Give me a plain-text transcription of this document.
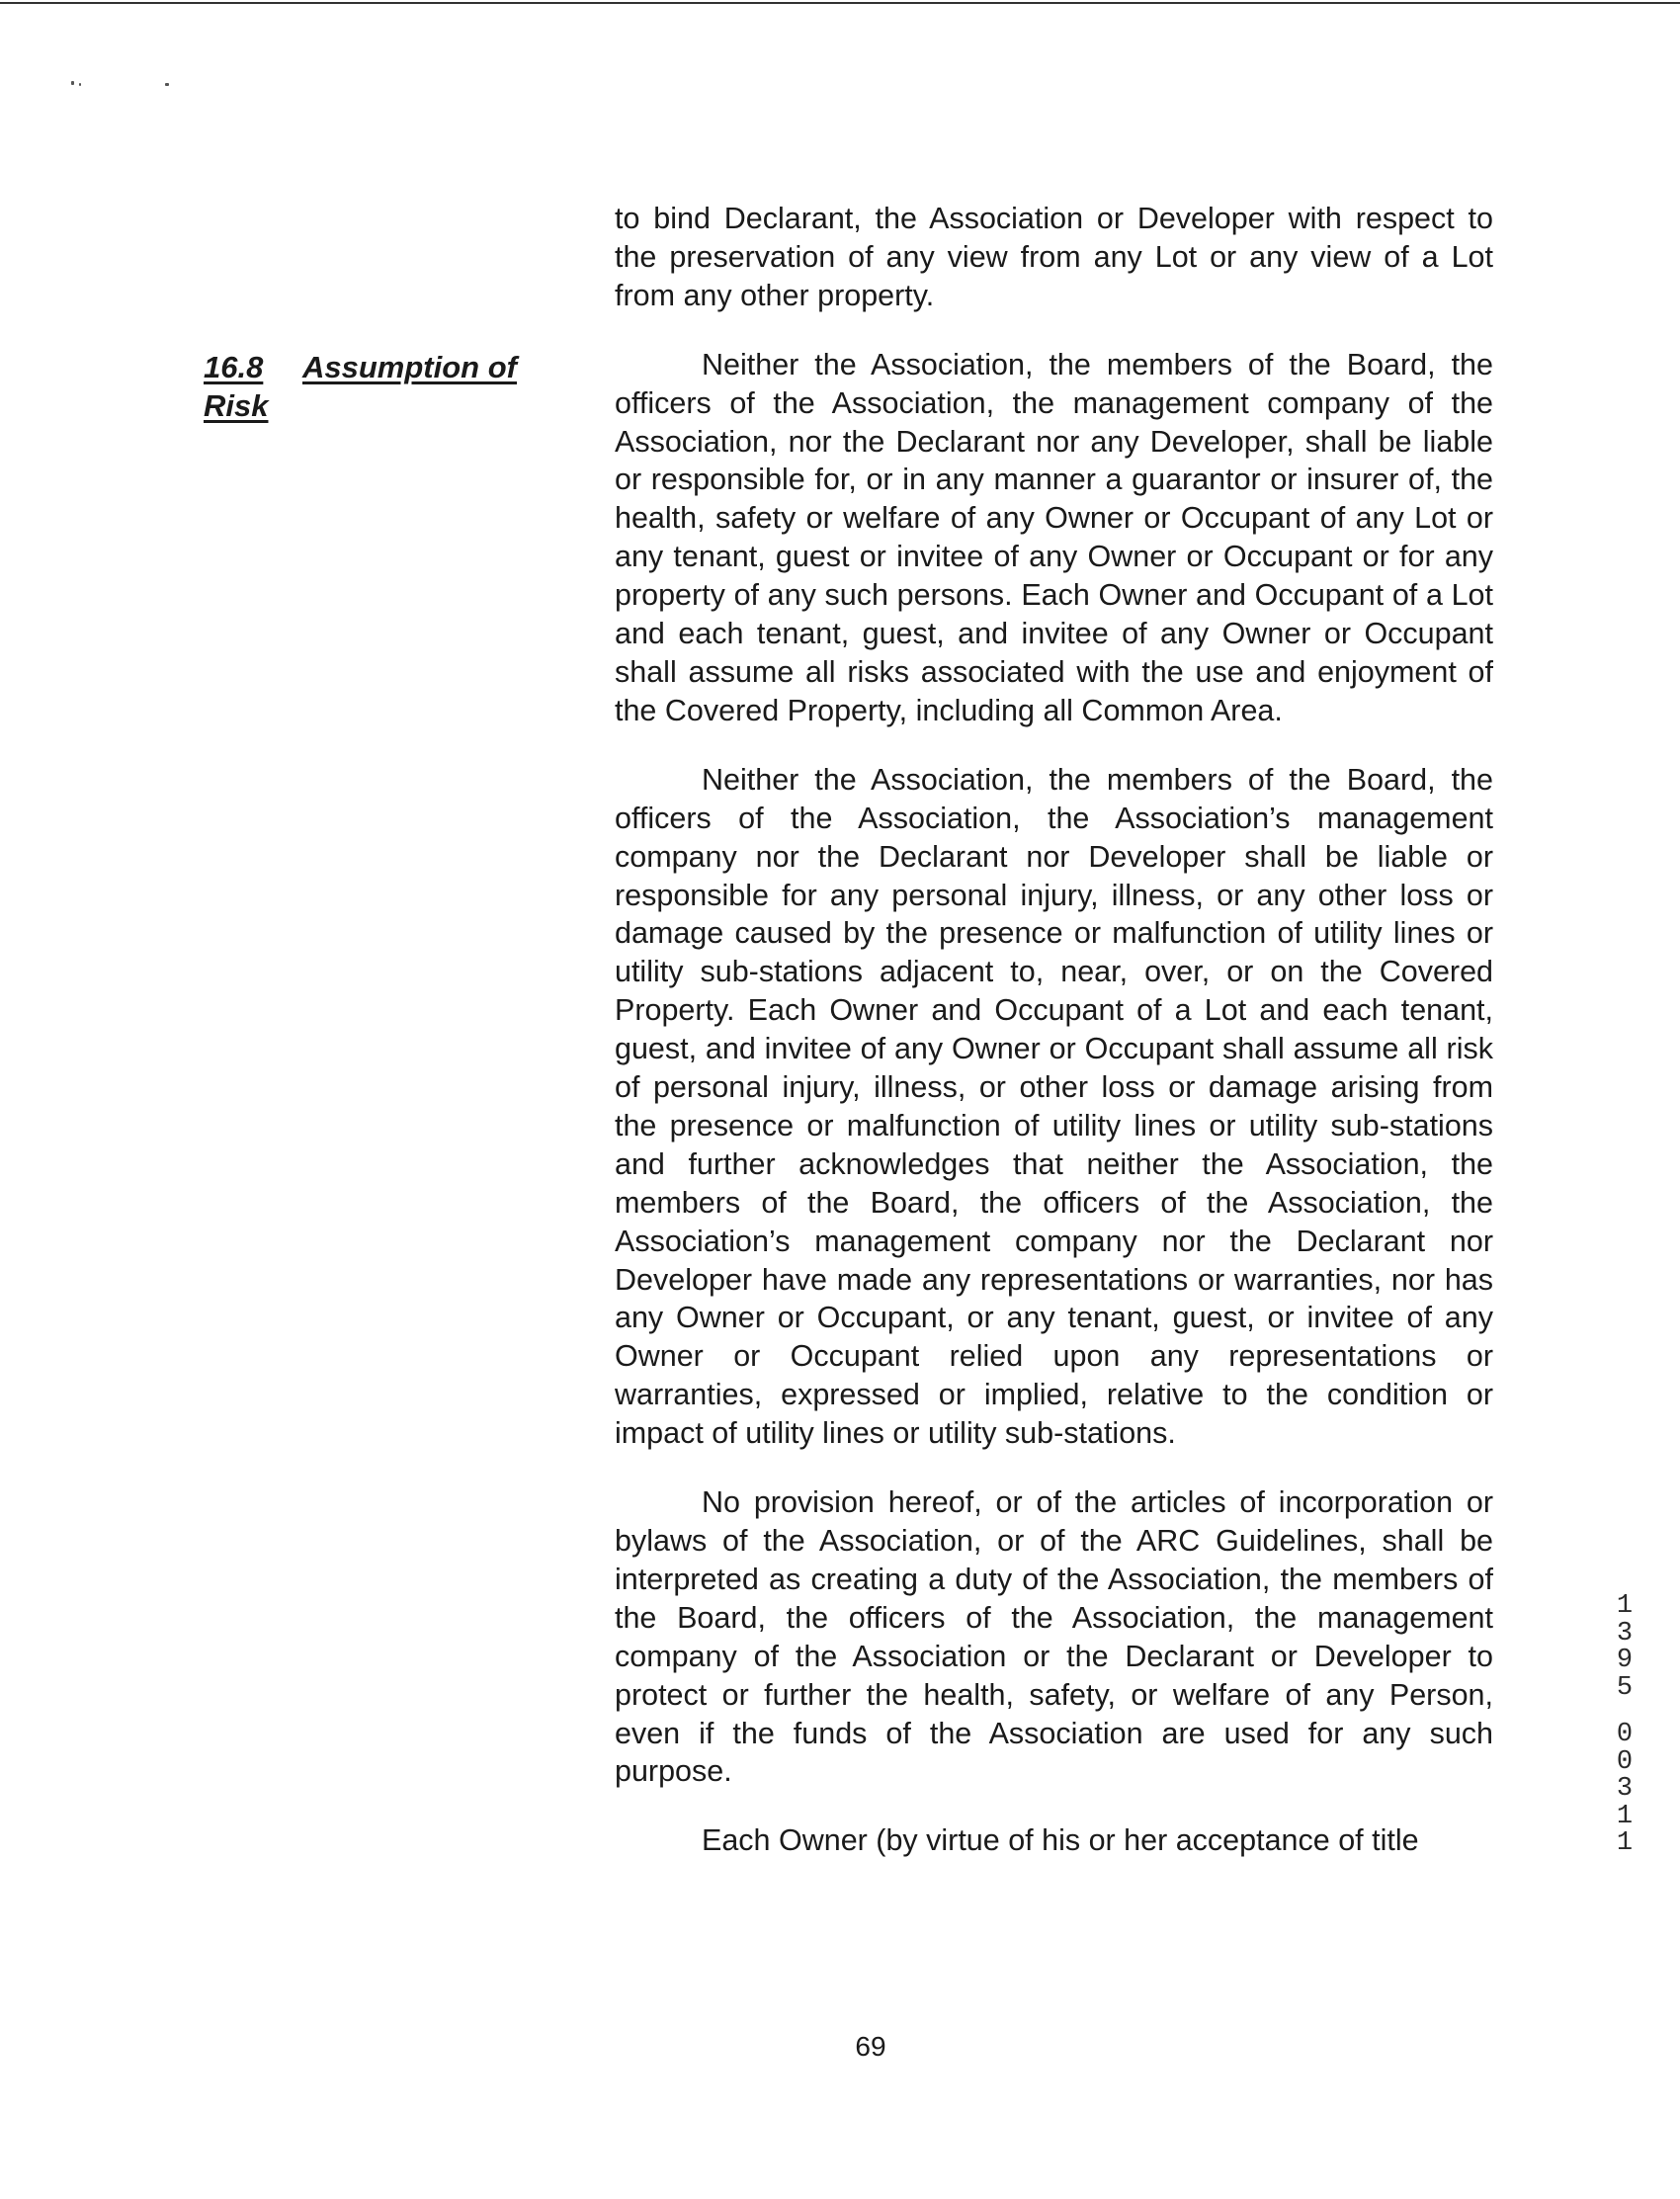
16.8 Assumption of
Risk

to bind Declarant, the Association or Developer with respect to the preservation of any view from any Lot or any view of a Lot from any other property.

Neither the Association, the members of the Board, the officers of the Association, the management company of the Association, nor the Declarant nor any Developer, shall be liable or responsible for, or in any manner a guarantor or insurer of, the health, safety or welfare of any Owner or Occupant of any Lot or any tenant, guest or invitee of any Owner or Occupant or for any property of any such persons. Each Owner and Occupant of a Lot and each tenant, guest, and invitee of any Owner or Occupant shall assume all risks associated with the use and enjoyment of the Covered Property, including all Common Area.

Neither the Association, the members of the Board, the officers of the Association, the Association’s management company nor the Declarant nor Developer shall be liable or responsible for any personal injury, illness, or any other loss or damage caused by the presence or malfunction of utility lines or utility sub-stations adjacent to, near, over, or on the Covered Property. Each Owner and Occupant of a Lot and each tenant, guest, and invitee of any Owner or Occupant shall assume all risk of personal injury, illness, or other loss or damage arising from the presence or malfunction of utility lines or utility sub-stations and further acknowledges that neither the Association, the members of the Board, the officers of the Association, the Association’s management company nor the Declarant nor Developer have made any representations or warranties, nor has any Owner or Occupant, or any tenant, guest, or invitee of any Owner or Occupant relied upon any representations or warranties, expressed or implied, relative to the condition or impact of utility lines or utility sub-stations.

No provision hereof, or of the articles of incorporation or bylaws of the Association, or of the ARC Guidelines, shall be interpreted as creating a duty of the Association, the members of the Board, the officers of the Association, the management company of the Association or the Declarant or Developer to protect or further the health, safety, or welfare of any Person, even if the funds of the Association are used for any such purpose.

Each Owner (by virtue of his or her acceptance of title

69
1
3
9
5
0
0
3
1
1
